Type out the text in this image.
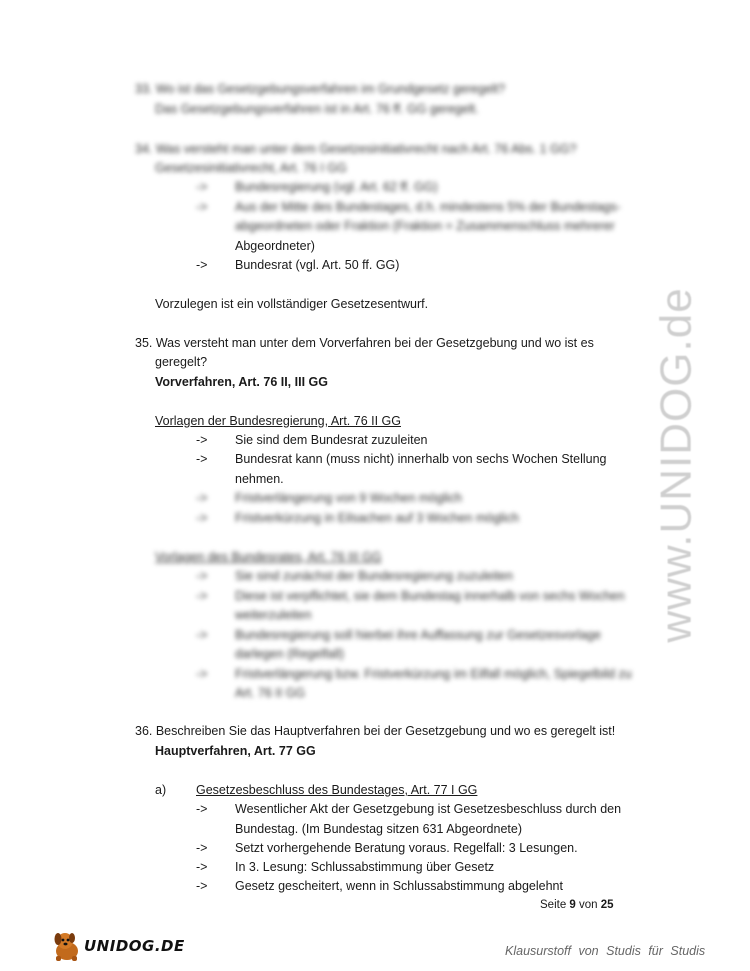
33. Wo ist das Gesetzgebungsverfahren im Grundgesetz geregelt?
Das Gesetzgebungsverfahren ist in Art. 76 ff. GG geregelt.
34. Was versteht man unter dem Gesetzesinitiativrecht nach Art. 76 Abs. 1 GG?
Gesetzesinitiativrecht, Art. 76 I GG
-> Bundesregierung (vgl. Art. 62 ff. GG)
-> Aus der Mitte des Bundestages, d.h. mindestens 5% der Bundestags-
abgeordneten oder Fraktion (Fraktion = Zusammenschluss mehrerer
Abgeordneter)
-> Bundesrat (vgl. Art. 50 ff. GG)
Vorzulegen ist ein vollständiger Gesetzesentwurf.
35. Was versteht man unter dem Vorverfahren bei der Gesetzgebung und wo ist es
geregelt?
Vorverfahren, Art. 76 II, III GG
Vorlagen der Bundesregierung, Art. 76 II GG
-> Sie sind dem Bundesrat zuzuleiten
-> Bundesrat kann (muss nicht) innerhalb von sechs Wochen Stellung
nehmen.
-> Fristverlängerung von 9 Wochen möglich
-> Fristverkürzung in Eilsachen auf 3 Wochen möglich
Vorlagen des Bundesrates, Art. 76 III GG
-> Sie sind zunächst der Bundesregierung zuzuleiten
-> Diese ist verpflichtet, sie dem Bundestag innerhalb von sechs Wochen
weiterzuleiten
-> Bundesregierung soll hierbei ihre Auffassung zur Gesetzesvorlage
darlegen (Regelfall)
-> Fristverlängerung bzw. Fristverkürzung im Eilfall möglich, Spiegelbild zu
Art. 76 II GG
36. Beschreiben Sie das Hauptverfahren bei der Gesetzgebung und wo es geregelt ist!
Hauptverfahren, Art. 77 GG
a) Gesetzesbeschluss des Bundestages, Art. 77 I GG
-> Wesentlicher Akt der Gesetzgebung ist Gesetzesbeschluss durch den
Bundestag. (Im Bundestag sitzen 631 Abgeordnete)
-> Setzt vorhergehende Beratung voraus. Regelfall: 3 Lesungen.
-> In 3. Lesung: Schlussabstimmung über Gesetz
-> Gesetz gescheitert, wenn in Schlussabstimmung abgelehnt
www.UNIDOG.de
Seite 9 von 25
UNIDOG.DE	Klausurstoff von Studis für Studis
